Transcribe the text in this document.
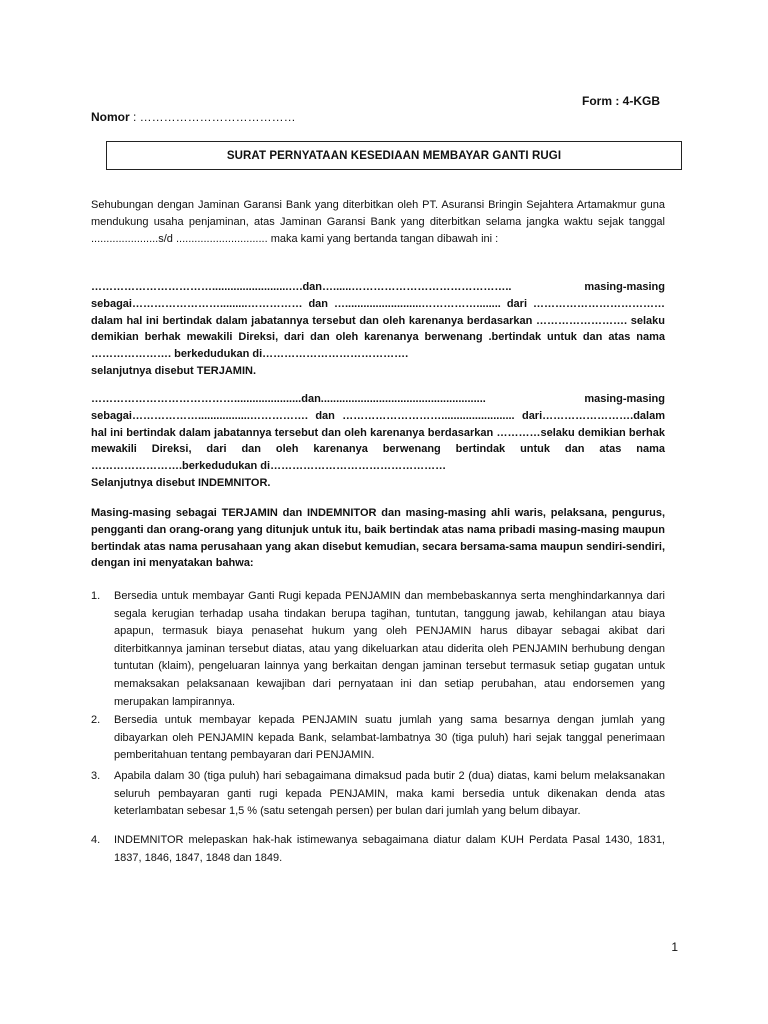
Form : 4-KGB
Nomor : …………………………………
SURAT PERNYATAAN KESEDIAAN MEMBAYAR GANTI RUGI

Sehubungan dengan Jaminan Garansi Bank yang diterbitkan oleh PT. Asuransi Bringin Sejahtera Artamakmur guna mendukung usaha penjaminan, atas Jaminan Garansi Bank yang diterbitkan selama jangka waktu sejak tanggal ......................s/d .............................. maka kami yang bertanda tangan dibawah ini :

…………………………….........................….dan…......……………………………………..	masing-masing

sebagai…………………….........…………… dan ….........................……………........ dari ……………………………… dalam hal ini bertindak dalam jabatannya tersebut dan oleh karenanya berdasarkan ……………………. selaku demikian berhak mewakili Direksi, dari dan oleh karenanya berwenang .bertindak untuk dan atas nama …………………. berkedudukan di………………………………….

selanjutnya disebut TERJAMIN.

…………………………………......................dan......................................................	masing-masing

sebagai……………….................……………. dan ………………………........................ dari…………………….dalam hal ini bertindak dalam jabatannya tersebut dan oleh karenanya berdasarkan …………selaku demikian berhak mewakili Direksi, dari dan oleh karenanya berwenang bertindak untuk dan atas nama …………………….berkedudukan di…………………………………………

Selanjutnya disebut INDEMNITOR.

Masing-masing sebagai TERJAMIN dan INDEMNITOR dan masing-masing ahli waris, pelaksana, pengurus, pengganti dan orang-orang yang ditunjuk untuk itu, baik bertindak atas nama pribadi masing-masing maupun bertindak atas nama perusahaan yang akan disebut kemudian, secara bersama-sama maupun sendiri-sendiri, dengan ini menyatakan bahwa:

1.	Bersedia untuk membayar Ganti Rugi kepada PENJAMIN dan membebaskannya serta menghindarkannya dari segala kerugian terhadap usaha tindakan berupa tagihan, tuntutan, tanggung jawab, kehilangan atau biaya apapun, termasuk biaya penasehat hukum yang oleh PENJAMIN harus dibayar sebagai akibat dari diterbitkannya jaminan tersebut diatas, atau yang dikeluarkan atau diderita oleh PENJAMIN berhubung dengan tuntutan (klaim), pengeluaran lainnya yang berkaitan dengan jaminan tersebut termasuk setiap gugatan untuk memaksakan pelaksanaan kewajiban dari pernyataan ini dan setiap perubahan, atau endorsemen yang merupakan lampirannya.
2.	Bersedia untuk membayar kepada PENJAMIN suatu jumlah yang sama besarnya dengan jumlah yang dibayarkan oleh PENJAMIN kepada Bank, selambat-lambatnya 30 (tiga puluh) hari sejak tanggal penerimaan pemberitahuan tentang pembayaran dari PENJAMIN.
3.	Apabila dalam 30 (tiga puluh) hari sebagaimana dimaksud pada butir 2 (dua) diatas, kami belum melaksanakan seluruh pembayaran ganti rugi kepada PENJAMIN, maka kami bersedia untuk dikenakan denda atas keterlambatan sebesar 1,5 % (satu setengah persen) per bulan dari jumlah yang belum dibayar.
4.	INDEMNITOR melepaskan hak-hak istimewanya sebagaimana diatur dalam KUH Perdata Pasal 1430, 1831, 1837, 1846, 1847, 1848 dan 1849.
1
